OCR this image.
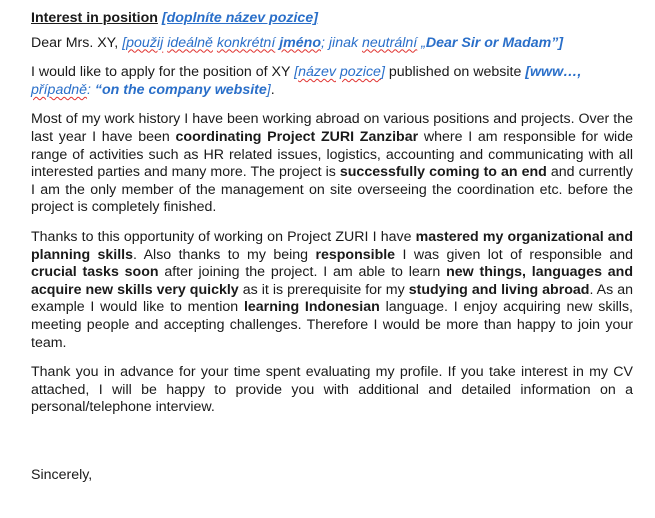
Interest in position [doplníte název pozice]

Dear Mrs. XY, [použij ideálně konkrétní jméno; jinak neutrální „Dear Sir or Madam”]

I would like to apply for the position of XY [název pozice] published on website [www…,
případně: “on the company website].

Most of my work history I have been working abroad on various positions and projects. Over the last year I have been coordinating Project ZURI Zanzibar where I am responsible for wide range of activities such as HR related issues, logistics, accounting and communicating with all interested parties and many more. The project is successfully coming to an end and currently I am the only member of the management on site overseeing the coordination etc. before the project is completely finished.

Thanks to this opportunity of working on Project ZURI I have mastered my organizational and planning skills. Also thanks to my being responsible I was given lot of responsible and crucial tasks soon after joining the project. I am able to learn new things, languages and acquire new skills very quickly as it is prerequisite for my studying and living abroad. As an example I would like to mention learning Indonesian language. I enjoy acquiring new skills, meeting people and accepting challenges. Therefore I would be more than happy to join your team.

Thank you in advance for your time spent evaluating my profile. If you take interest in my CV attached, I will be happy to provide you with additional and detailed information on a personal/telephone interview.

Sincerely,
